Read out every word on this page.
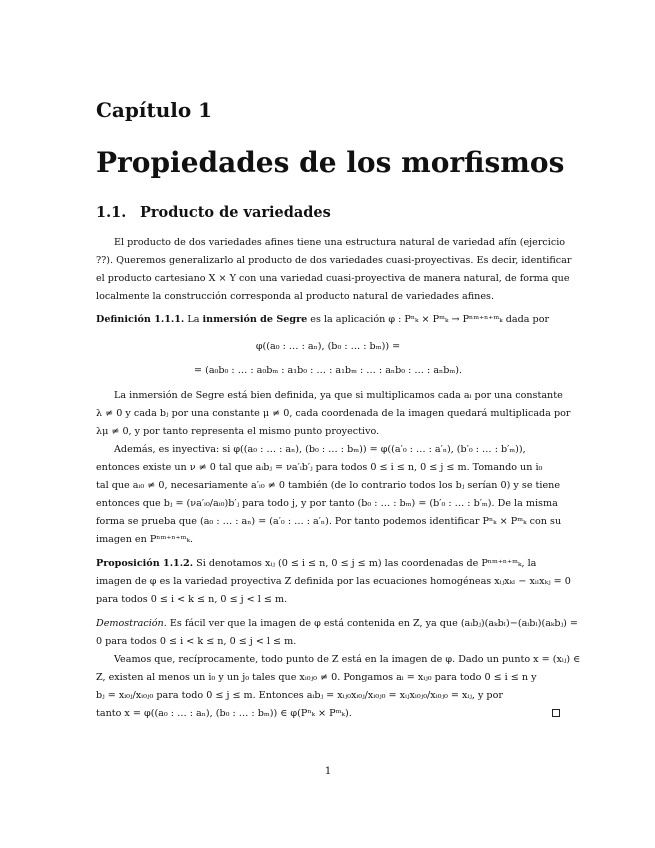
Capítulo 1
Propiedades de los morfismos
1.1. Producto de variedades
El producto de dos variedades afines tiene una estructura natural de variedad afín (ejercicio
??). Queremos generalizarlo al producto de dos variedades cuasi-proyectivas. Es decir, identificar
el producto cartesiano X × Y con una variedad cuasi-proyectiva de manera natural, de forma que
localmente la construcción corresponda al producto natural de variedades afines.
Definición 1.1.1. La inmersión de Segre es la aplicación φ : Pⁿₖ × Pᵐₖ → Pⁿᵐ⁺ⁿ⁺ᵐₖ dada por
φ((a₀ : … : aₙ), (b₀ : … : bₘ)) =
= (a₀b₀ : … : a₀bₘ : a₁b₀ : … : a₁bₘ : … : aₙb₀ : … : aₙbₘ).
La inmersión de Segre está bien definida, ya que si multiplicamos cada aᵢ por una constante
λ ≠ 0 y cada bⱼ por una constante μ ≠ 0, cada coordenada de la imagen quedará multiplicada por
λμ ≠ 0, y por tanto representa el mismo punto proyectivo.
Además, es inyectiva: si φ((a₀ : … : aₙ), (b₀ : … : bₘ)) = φ((a′₀ : … : a′ₙ), (b′₀ : … : b′ₘ)),
entonces existe un ν ≠ 0 tal que aᵢbⱼ = νa′ᵢb′ⱼ para todos 0 ≤ i ≤ n, 0 ≤ j ≤ m. Tomando un i₀
tal que aᵢ₀ ≠ 0, necesariamente a′ᵢ₀ ≠ 0 también (de lo contrario todos los bⱼ serían 0) y se tiene
entonces que bⱼ = (νa′ᵢ₀/aᵢ₀)b′ⱼ para todo j, y por tanto (b₀ : … : bₘ) = (b′₀ : … : b′ₘ). De la misma
forma se prueba que (a₀ : … : aₙ) = (a′₀ : … : a′ₙ). Por tanto podemos identificar Pⁿₖ × Pᵐₖ con su
imagen en Pⁿᵐ⁺ⁿ⁺ᵐₖ.
Proposición 1.1.2. Si denotamos xᵢⱼ (0 ≤ i ≤ n, 0 ≤ j ≤ m) las coordenadas de Pⁿᵐ⁺ⁿ⁺ᵐₖ, la
imagen de φ es la variedad proyectiva Z definida por las ecuaciones homogéneas xᵢⱼxₖₗ − xᵢₗxₖⱼ = 0
para todos 0 ≤ i < k ≤ n, 0 ≤ j < l ≤ m.
Demostración. Es fácil ver que la imagen de φ está contenida en Z, ya que (aᵢbⱼ)(aₖbₗ)−(aᵢbₗ)(aₖbⱼ) =
0 para todos 0 ≤ i < k ≤ n, 0 ≤ j < l ≤ m.
Veamos que, recíprocamente, todo punto de Z está en la imagen de φ. Dado un punto x = (xᵢⱼ) ∈
Z, existen al menos un i₀ y un j₀ tales que xᵢ₀ⱼ₀ ≠ 0. Pongamos aᵢ = xᵢⱼ₀ para todo 0 ≤ i ≤ n y
bⱼ = xᵢ₀ⱼ/xᵢ₀ⱼ₀ para todo 0 ≤ j ≤ m. Entonces aᵢbⱼ = xᵢⱼ₀xᵢ₀ⱼ/xᵢ₀ⱼ₀ = xᵢⱼxᵢ₀ⱼ₀/xᵢ₀ⱼ₀ = xᵢⱼ, y por
tanto x = φ((a₀ : … : aₙ), (b₀ : … : bₘ)) ∈ φ(Pⁿₖ × Pᵐₖ).
1
